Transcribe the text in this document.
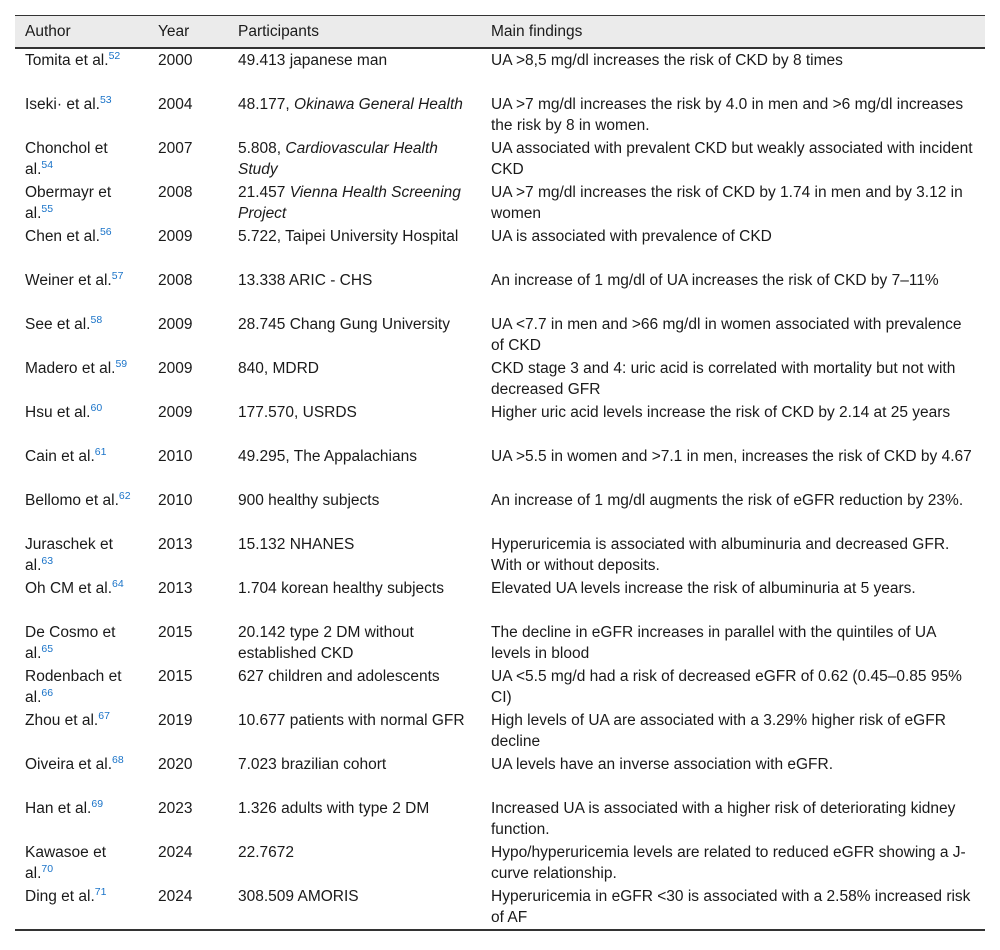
Author	Year	Participants	Main findings
Tomita et al.$^{52}$	2000	49.413 japanese man	UA >8,5 mg/dl increases the risk of CKD by 8 times
Iseki· et al.$^{53}$	2004	48.177, Okinawa General Health	UA >7 mg/dl increases the risk by 4.0 in men and >6 mg/dl increases the risk by 8 in women.
Chonchol et al.$^{54}$	2007	5.808, Cardiovascular Health Study	UA associated with prevalent CKD but weakly associated with incident CKD
Obermayr et al.$^{55}$	2008	21.457 Vienna Health Screening Project	UA >7 mg/dl increases the risk of CKD by 1.74 in men and by 3.12 in women
Chen et al.$^{56}$	2009	5.722, Taipei University Hospital	UA is associated with prevalence of CKD
Weiner et al.$^{57}$	2008	13.338 ARIC - CHS	An increase of 1 mg/dl of UA increases the risk of CKD by 7–11%
See et al.$^{58}$	2009	28.745 Chang Gung University	UA <7.7 in men and >66 mg/dl in women associated with prevalence of CKD
Madero et al.$^{59}$	2009	840, MDRD	CKD stage 3 and 4: uric acid is correlated with mortality but not with decreased GFR
Hsu et al.$^{60}$	2009	177.570, USRDS	Higher uric acid levels increase the risk of CKD by 2.14 at 25 years
Cain et al.$^{61}$	2010	49.295, The Appalachians	UA >5.5 in women and >7.1 in men, increases the risk of CKD by 4.67
Bellomo et al.$^{62}$	2010	900 healthy subjects	An increase of 1 mg/dl augments the risk of eGFR reduction by 23%.
Juraschek et al.$^{63}$	2013	15.132 NHANES	Hyperuricemia is associated with albuminuria and decreased GFR. With or without deposits.
Oh CM et al.$^{64}$	2013	1.704 korean healthy subjects	Elevated UA levels increase the risk of albuminuria at 5 years.
De Cosmo et al.$^{65}$	2015	20.142 type 2 DM without established CKD	The decline in eGFR increases in parallel with the quintiles of UA levels in blood
Rodenbach et al.$^{66}$	2015	627 children and adolescents	UA <5.5 mg/d had a risk of decreased eGFR of 0.62 (0.45–0.85 95% CI)
Zhou et al.$^{67}$	2019	10.677 patients with normal GFR	High levels of UA are associated with a 3.29% higher risk of eGFR decline
Oiveira et al.$^{68}$	2020	7.023 brazilian cohort	UA levels have an inverse association with eGFR.
Han et al.$^{69}$	2023	1.326 adults with type 2 DM	Increased UA is associated with a higher risk of deteriorating kidney function.
Kawasoe et al.$^{70}$	2024	22.7672	Hypo/hyperuricemia levels are related to reduced eGFR showing a J-curve relationship.
Ding et al.$^{71}$	2024	308.509 AMORIS	Hyperuricemia in eGFR <30 is associated with a 2.58% increased risk of AF
